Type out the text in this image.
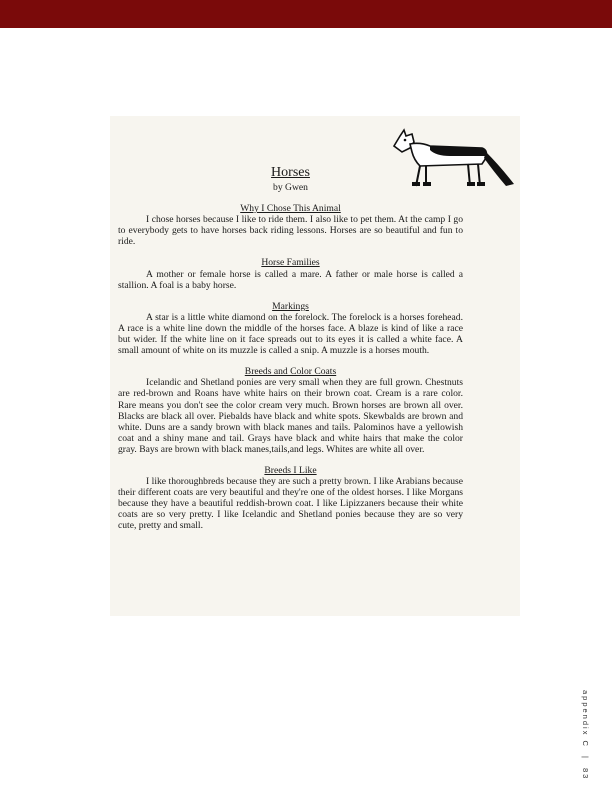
Horses

by Gwen

Why I Chose This Animal

I chose horses because I like to ride them. I also like to pet them. At the camp I go to everybody gets to have horses back riding lessons. Horses are so beautiful and fun to ride.

Horse Families

A mother or female horse is called a mare. A father or male horse is called a stallion. A foal is a baby horse.

Markings

A star is a little white diamond on the forelock. The forelock is a horses forehead. A race is a white line down the middle of the horses face. A blaze is kind of like a race but wider. If the white line on it face spreads out to its eyes it is called a white face. A small amount of white on its muzzle is called a snip. A muzzle is a horses mouth.

Breeds and Color Coats

Icelandic and Shetland ponies are very small when they are full grown. Chestnuts are red-brown and Roans have white hairs on their brown coat. Cream is a rare color. Rare means you don't see the color cream very much. Brown horses are brown all over. Blacks are black all over. Piebalds have black and white spots. Skewbalds are brown and white. Duns are a sandy brown with black manes and tails. Palominos have a yellowish coat and a shiny mane and tail. Grays have black and white hairs that make the color gray. Bays are brown with black manes,tails,and legs. Whites are white all over.

Breeds I Like

I like thoroughbreds because they are such a pretty brown. I like Arabians because their different coats are very beautiful and they're one of the oldest horses. I like Morgans because they have a beautiful reddish-brown coat. I like Lipizzaners because their white coats are so very pretty. I like Icelandic and Shetland ponies because they are so very cute, pretty and small.

appendix C | 83
